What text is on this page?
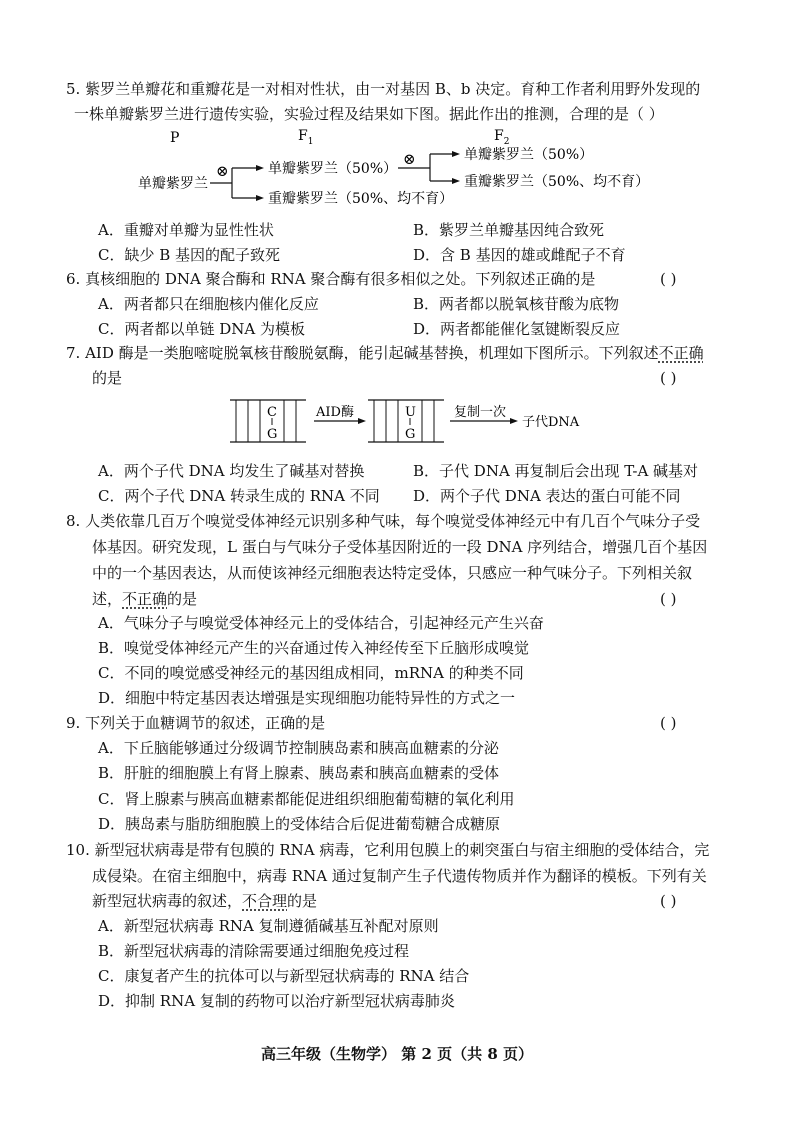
5. 紫罗兰单瓣花和重瓣花是一对相对性状，由一对基因 B、b 决定。育种工作者利用野外发现的
一株单瓣紫罗兰进行遗传实验，实验过程及结果如下图。据此作出的推测，合理的是（ ）
P	$F_1$	$F_2$
单瓣紫罗兰
⊗	单瓣紫罗兰（50%）
重瓣紫罗兰（50%、均不育）
⊗	单瓣紫罗兰（50%）
重瓣紫罗兰（50%、均不育）
A．重瓣对单瓣为显性性状	B．紫罗兰单瓣基因纯合致死
C．缺少 B 基因的配子致死	D．含 B 基因的雄或雌配子不育
6. 真核细胞的 DNA 聚合酶和 RNA 聚合酶有很多相似之处。下列叙述正确的是	( )
A．两者都只在细胞核内催化反应	B．两者都以脱氧核苷酸为底物
C．两者都以单链 DNA 为模板	D．两者都能催化氢键断裂反应
7. AID 酶是一类胞嘧啶脱氧核苷酸脱氨酶，能引起碱基替换，机理如下图所示。下列叙述不正确
的是	( )
C
G
AID酶	U
G
复制一次
子代DNA
A．两个子代 DNA 均发生了碱基对替换	B．子代 DNA 再复制后会出现 T-A 碱基对
C．两个子代 DNA 转录生成的 RNA 不同 D．两个子代 DNA 表达的蛋白可能不同
8. 人类依靠几百万个嗅觉受体神经元识别多种气味，每个嗅觉受体神经元中有几百个气味分子受
体基因。研究发现，L 蛋白与气味分子受体基因附近的一段 DNA 序列结合，增强几百个基因
中的一个基因表达，从而使该神经元细胞表达特定受体，只感应一种气味分子。下列相关叙
述，不正确的是	( )
A．气味分子与嗅觉受体神经元上的受体结合，引起神经元产生兴奋
B．嗅觉受体神经元产生的兴奋通过传入神经传至下丘脑形成嗅觉
C．不同的嗅觉感受神经元的基因组成相同，mRNA 的种类不同
D．细胞中特定基因表达增强是实现细胞功能特异性的方式之一
9. 下列关于血糖调节的叙述，正确的是	( )
A．下丘脑能够通过分级调节控制胰岛素和胰高血糖素的分泌
B．肝脏的细胞膜上有肾上腺素、胰岛素和胰高血糖素的受体
C．肾上腺素与胰高血糖素都能促进组织细胞葡萄糖的氧化利用
D．胰岛素与脂肪细胞膜上的受体结合后促进葡萄糖合成糖原
10. 新型冠状病毒是带有包膜的 RNA 病毒，它利用包膜上的刺突蛋白与宿主细胞的受体结合，完
成侵染。在宿主细胞中，病毒 RNA 通过复制产生子代遗传物质并作为翻译的模板。下列有关
新型冠状病毒的叙述，不合理的是	( )
A．新型冠状病毒 RNA 复制遵循碱基互补配对原则
B．新型冠状病毒的清除需要通过细胞免疫过程
C．康复者产生的抗体可以与新型冠状病毒的 RNA 结合
D．抑制 RNA 复制的药物可以治疗新型冠状病毒肺炎
高三年级（生物学） 第 2 页（共 8 页）
